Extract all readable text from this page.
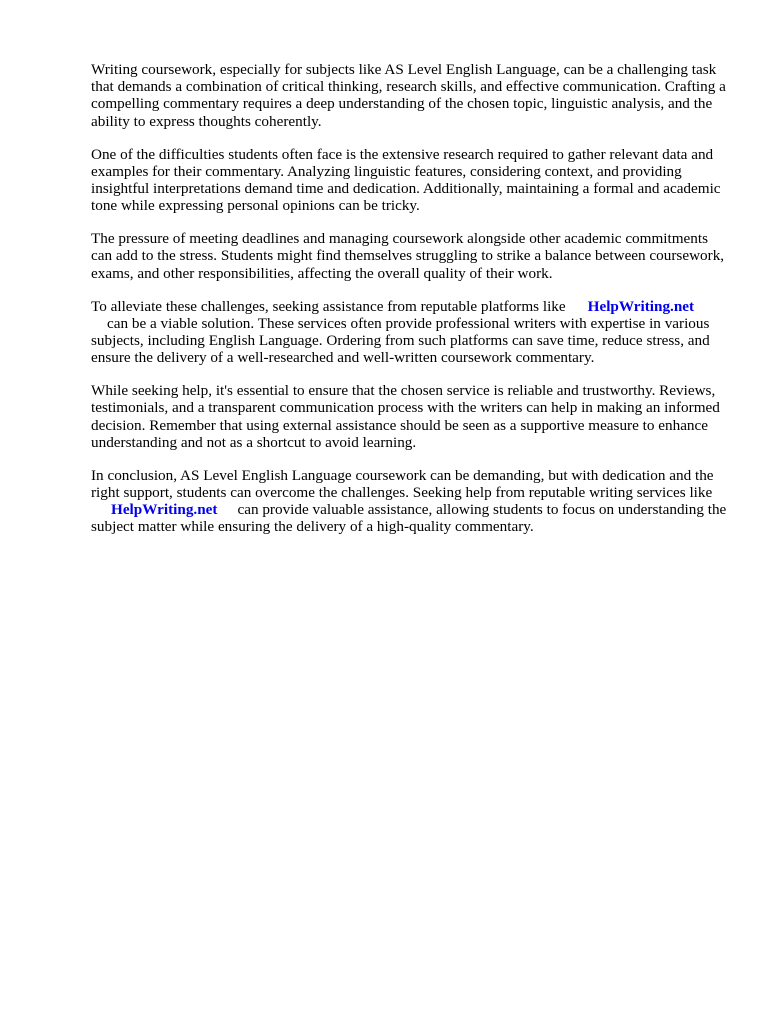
Writing coursework, especially for subjects like AS Level English Language, can be a challenging task that demands a combination of critical thinking, research skills, and effective communication. Crafting a compelling commentary requires a deep understanding of the chosen topic, linguistic analysis, and the ability to express thoughts coherently.

One of the difficulties students often face is the extensive research required to gather relevant data and examples for their commentary. Analyzing linguistic features, considering context, and providing insightful interpretations demand time and dedication. Additionally, maintaining a formal and academic tone while expressing personal opinions can be tricky.

The pressure of meeting deadlines and managing coursework alongside other academic commitments can add to the stress. Students might find themselves struggling to strike a balance between coursework, exams, and other responsibilities, affecting the overall quality of their work.

To alleviate these challenges, seeking assistance from reputable platforms like HelpWriting.net
can be a viable solution. These services often provide professional writers with expertise in various subjects, including English Language. Ordering from such platforms can save time, reduce stress, and ensure the delivery of a well-researched and well-written coursework commentary.

While seeking help, it's essential to ensure that the chosen service is reliable and trustworthy. Reviews, testimonials, and a transparent communication process with the writers can help in making an informed decision. Remember that using external assistance should be seen as a supportive measure to enhance understanding and not as a shortcut to avoid learning.

In conclusion, AS Level English Language coursework can be demanding, but with dedication and the right support, students can overcome the challenges. Seeking help from reputable writing services likeHelpWriting.net can provide valuable assistance, allowing students to focus on understanding the subject matter while ensuring the delivery of a high-quality commentary.
